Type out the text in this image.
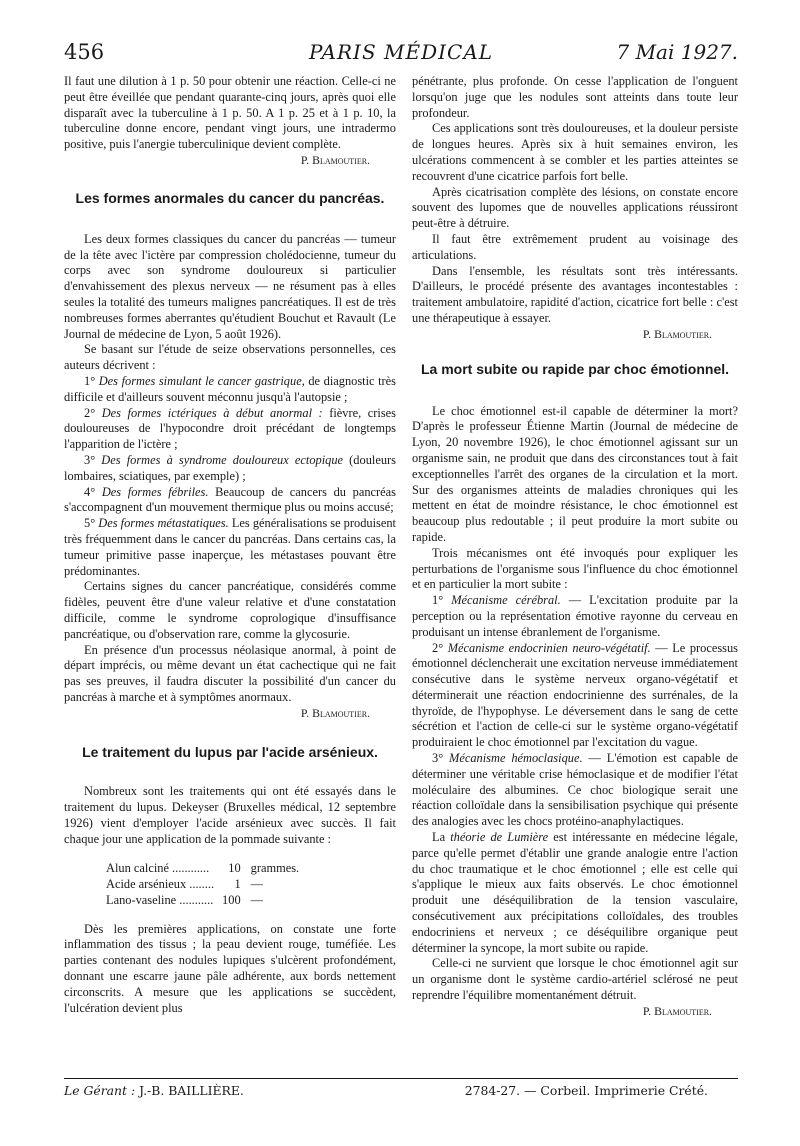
456	PARIS MÉDICAL	7 Mai 1927.

Il faut une dilution à 1 p. 50 pour obtenir une réaction. Celle-ci ne peut être éveillée que pendant quarante-cinq jours, après quoi elle disparaît avec la tuberculine à 1 p. 50. A 1 p. 25 et à 1 p. 10, la tuberculine donne encore, pendant vingt jours, une intradermo positive, puis l'anergie tuberculinique devient complète.

P. Blamoutier.

Les formes anormales du cancer du pancréas.

Les deux formes classiques du cancer du pancréas — tumeur de la tête avec l'ictère par compression cholédocienne, tumeur du corps avec son syndrome douloureux si particulier d'envahissement des plexus nerveux — ne résument pas à elles seules la totalité des tumeurs malignes pancréatiques. Il est de très nombreuses formes aberrantes qu'étudient Bouchut et Ravault (Le Journal de médecine de Lyon, 5 août 1926).

Se basant sur l'étude de seize observations personnelles, ces auteurs décrivent :

1° Des formes simulant le cancer gastrique, de diagnostic très difficile et d'ailleurs souvent méconnu jusqu'à l'autopsie ;

2° Des formes ictériques à début anormal : fièvre, crises douloureuses de l'hypocondre droit précédant de longtemps l'apparition de l'ictère ;

3° Des formes à syndrome douloureux ectopique (douleurs lombaires, sciatiques, par exemple) ;

4° Des formes fébriles. Beaucoup de cancers du pancréas s'accompagnent d'un mouvement thermique plus ou moins accusé;

5° Des formes métastatiques. Les généralisations se produisent très fréquemment dans le cancer du pancréas. Dans certains cas, la tumeur primitive passe inaperçue, les métastases pouvant être prédominantes.

Certains signes du cancer pancréatique, considérés comme fidèles, peuvent être d'une valeur relative et d'une constatation difficile, comme le syndrome coprologique d'insuffisance pancréatique, ou d'observation rare, comme la glycosurie.

En présence d'un processus néolasique anormal, à point de départ imprécis, ou même devant un état cachectique qui ne fait pas ses preuves, il faudra discuter la possibilité d'un cancer du pancréas à marche et à symptômes anormaux.

P. Blamoutier.

Le traitement du lupus par l'acide arsénieux.

Nombreux sont les traitements qui ont été essayés dans le traitement du lupus. Dekeyser (Bruxelles médical, 12 septembre 1926) vient d'employer l'acide arsénieux avec succès. Il fait chaque jour une application de la pommade suivante :

Alun calciné ............	10	grammes.
Acide arsénieux ........	1	—
Lano-vaseline ...........	100	—

Dès les premières applications, on constate une forte inflammation des tissus ; la peau devient rouge, tuméfiée. Les parties contenant des nodules lupiques s'ulcèrent profondément, donnant une escarre jaune pâle adhérente, aux bords nettement circonscrits. A mesure que les applications se succèdent, l'ulcération devient plus

pénétrante, plus profonde. On cesse l'application de l'onguent lorsqu'on juge que les nodules sont atteints dans toute leur profondeur.

Ces applications sont très douloureuses, et la douleur persiste de longues heures. Après six à huit semaines environ, les ulcérations commencent à se combler et les parties atteintes se recouvrent d'une cicatrice parfois fort belle.

Après cicatrisation complète des lésions, on constate encore souvent des lupomes que de nouvelles applications réussiront peut-être à détruire.

Il faut être extrêmement prudent au voisinage des articulations.

Dans l'ensemble, les résultats sont très intéressants. D'ailleurs, le procédé présente des avantages incontestables : traitement ambulatoire, rapidité d'action, cicatrice fort belle : c'est une thérapeutique à essayer.

P. Blamoutier.

La mort subite ou rapide par choc émotionnel.

Le choc émotionnel est-il capable de déterminer la mort? D'après le professeur Étienne Martin (Journal de médecine de Lyon, 20 novembre 1926), le choc émotionnel agissant sur un organisme sain, ne produit que dans des circonstances tout à fait exceptionnelles l'arrêt des organes de la circulation et la mort. Sur des organismes atteints de maladies chroniques qui les mettent en état de moindre résistance, le choc émotionnel est beaucoup plus redoutable ; il peut produire la mort subite ou rapide.

Trois mécanismes ont été invoqués pour expliquer les perturbations de l'organisme sous l'influence du choc émotionnel et en particulier la mort subite :

1° Mécanisme cérébral. — L'excitation produite par la perception ou la représentation émotive rayonne du cerveau en produisant un intense ébranlement de l'organisme.

2° Mécanisme endocrinien neuro-végétatif. — Le processus émotionnel déclencherait une excitation nerveuse immédiatement consécutive dans le système nerveux organo-végétatif et déterminerait une réaction endocrinienne des surrénales, de la thyroïde, de l'hypophyse. Le déversement dans le sang de cette sécrétion et l'action de celle-ci sur le système organo-végétatif produiraient le choc émotionnel par l'excitation du vague.

3° Mécanisme hémoclasique. — L'émotion est capable de déterminer une véritable crise hémoclasique et de modifier l'état moléculaire des albumines. Ce choc biologique serait une réaction colloïdale dans la sensibilisation psychique qui présente des analogies avec les chocs protéino-anaphylactiques.

La théorie de Lumière est intéressante en médecine légale, parce qu'elle permet d'établir une grande analogie entre l'action du choc traumatique et le choc émotionnel ; elle est celle qui s'applique le mieux aux faits observés. Le choc émotionnel produit une déséquilibration de la tension vasculaire, consécutivement aux précipitations colloïdales, des troubles endocriniens et nerveux ; ce déséquilibre organique peut déterminer la syncope, la mort subite ou rapide.

Celle-ci ne survient que lorsque le choc émotionnel agit sur un organisme dont le système cardio-artériel sclérosé ne peut reprendre l'équilibre momentanément détruit.

P. Blamoutier.

Le Gérant : J.-B. BAILLIÈRE.	2784-27. — Corbeil. Imprimerie Crété.
